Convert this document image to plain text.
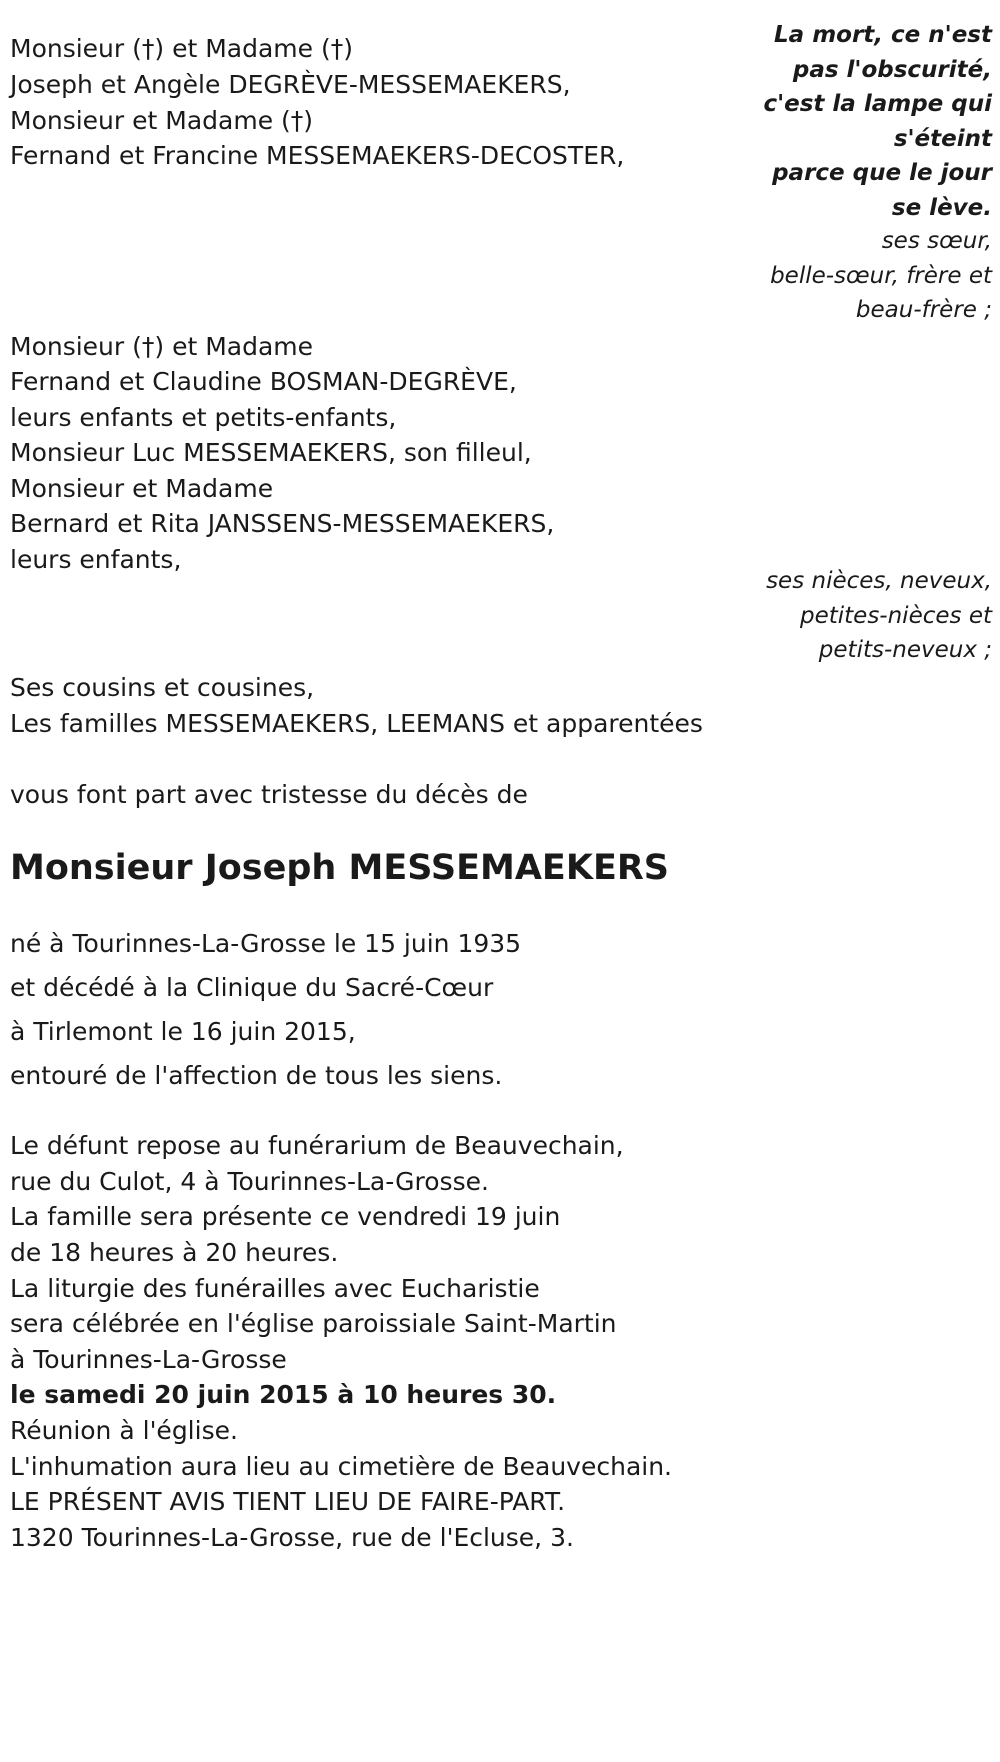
Monsieur (†) et Madame (†)
Joseph et Angèle DEGRÈVE-MESSEMAEKERS,
Monsieur et Madame (†)
Fernand et Francine MESSEMAEKERS-DECOSTER,
La mort, ce n'est
pas l'obscurité,
c'est la lampe qui
s'éteint
parce que le jour
se lève.
ses sœur,
belle-sœur, frère et
beau-frère ;
Monsieur (†) et Madame
Fernand et Claudine BOSMAN-DEGRÈVE,
leurs enfants et petits-enfants,
Monsieur Luc MESSEMAEKERS, son filleul,
Monsieur et Madame
Bernard et Rita JANSSENS-MESSEMAEKERS,
leurs enfants,
ses nièces, neveux,
petites-nièces et
petits-neveux ;
Ses cousins et cousines,
Les familles MESSEMAEKERS, LEEMANS et apparentées
vous font part avec tristesse du décès de
Monsieur Joseph MESSEMAEKERS
né à Tourinnes-La-Grosse le 15 juin 1935
et décédé à la Clinique du Sacré-Cœur
à Tirlemont le 16 juin 2015,
entouré de l'affection de tous les siens.
Le défunt repose au funérarium de Beauvechain,
rue du Culot, 4 à Tourinnes-La-Grosse.
La famille sera présente ce vendredi 19 juin
de 18 heures à 20 heures.
La liturgie des funérailles avec Eucharistie
sera célébrée en l'église paroissiale Saint-Martin
à Tourinnes-La-Grosse
le samedi 20 juin 2015 à 10 heures 30.
Réunion à l'église.
L'inhumation aura lieu au cimetière de Beauvechain.
LE PRÉSENT AVIS TIENT LIEU DE FAIRE-PART.
1320 Tourinnes-La-Grosse, rue de l'Ecluse, 3.
